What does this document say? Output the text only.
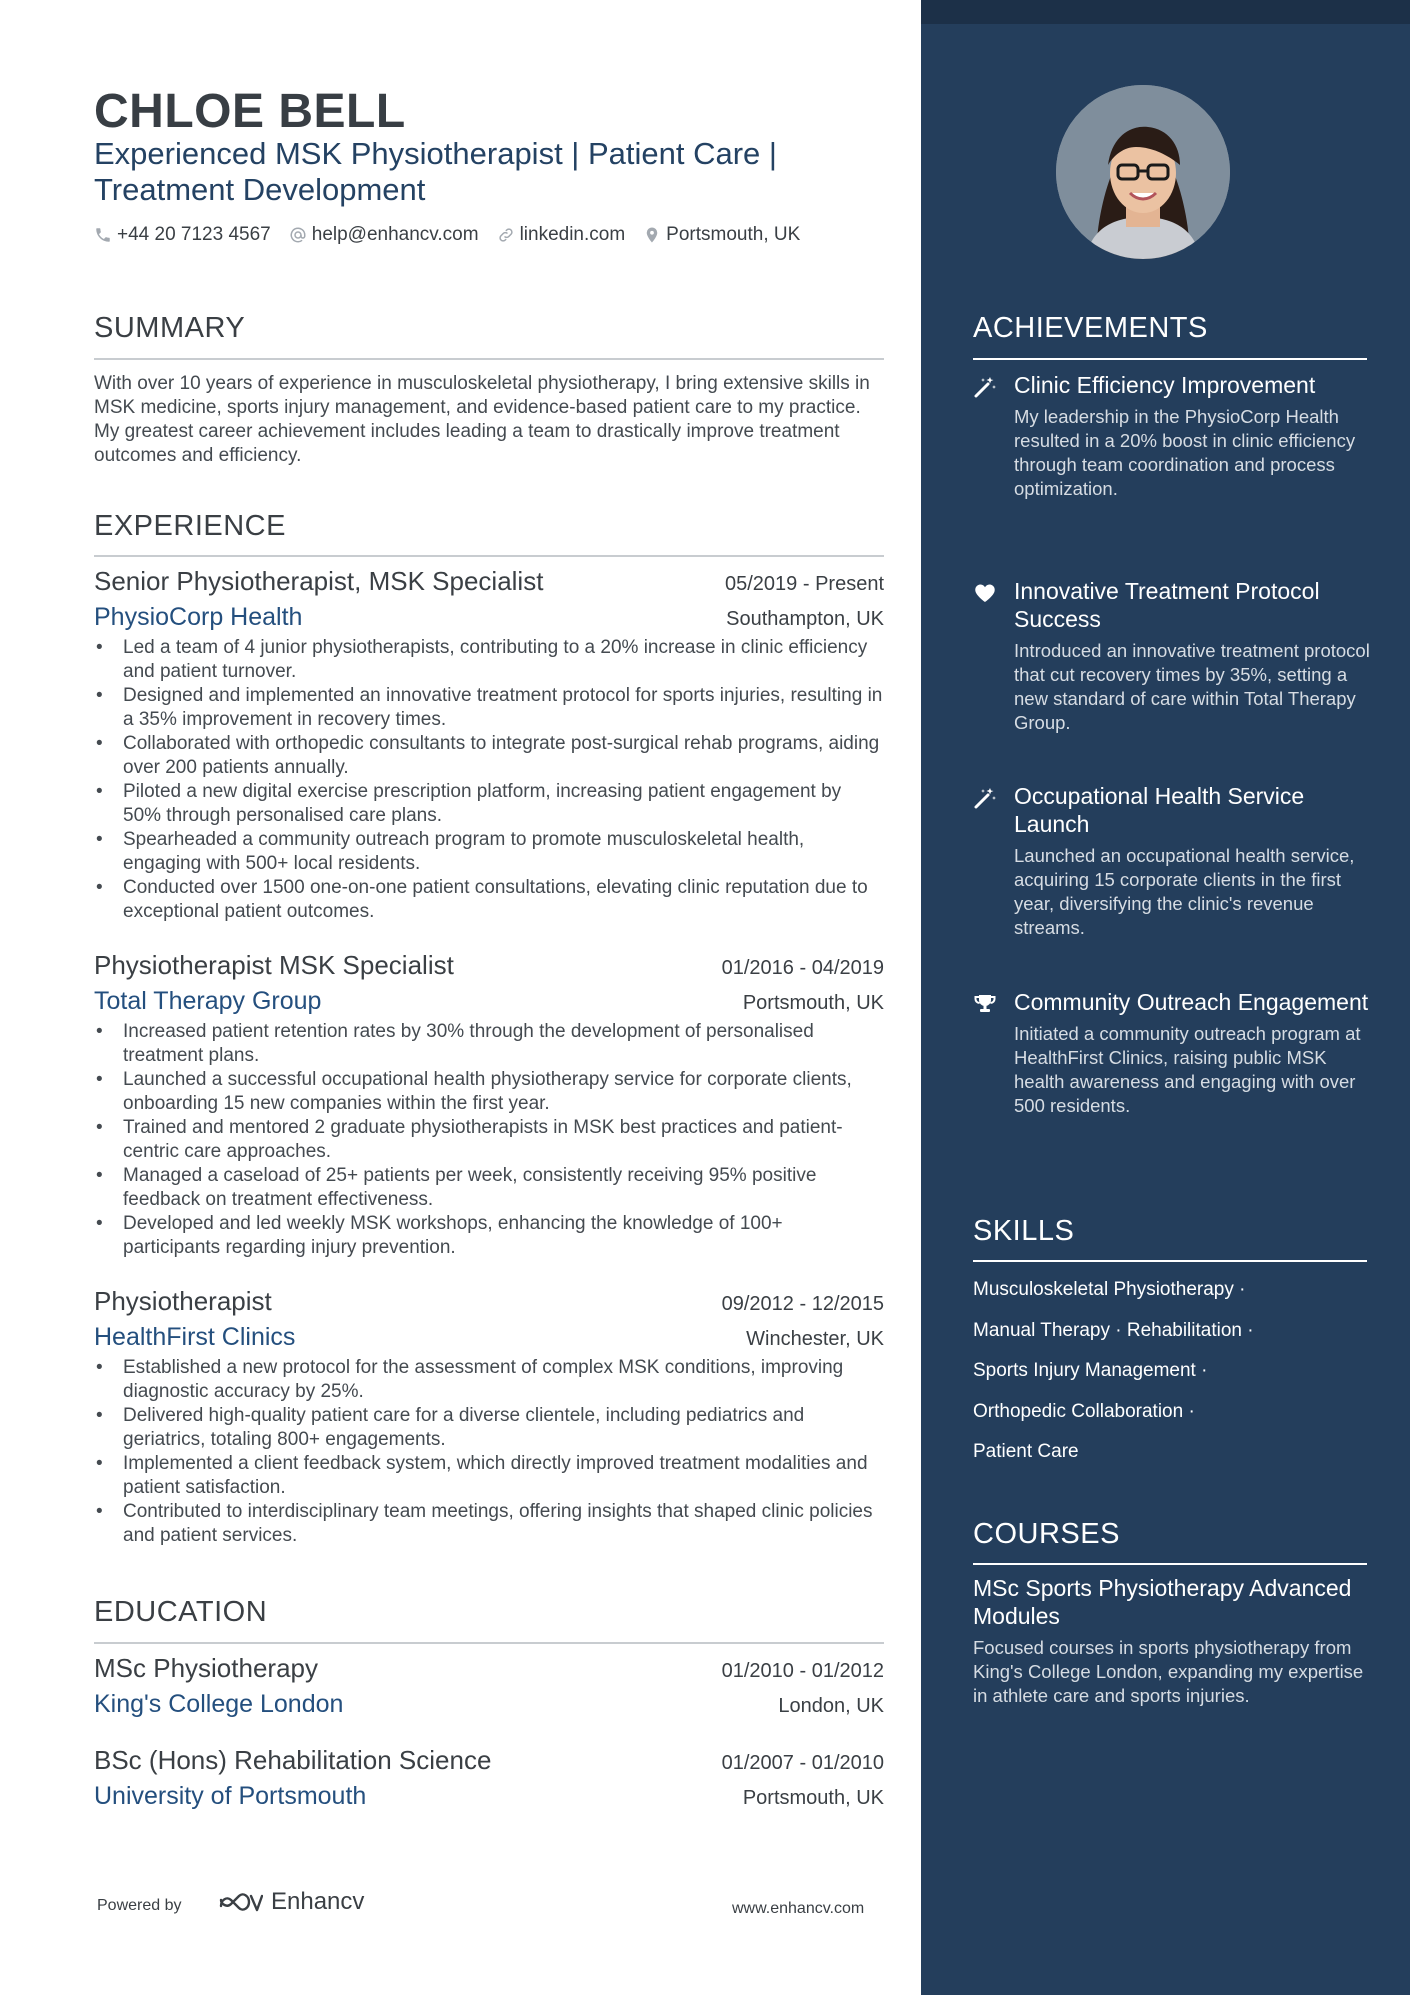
CHLOE BELL
Experienced MSK Physiotherapist | Patient Care | Treatment Development
+44 20 7123 4567 help@enhancv.com linkedin.com Portsmouth, UK
SUMMARY
With over 10 years of experience in musculoskeletal physiotherapy, I bring extensive skills in MSK medicine, sports injury management, and evidence-based patient care to my practice. My greatest career achievement includes leading a team to drastically improve treatment outcomes and efficiency.
EXPERIENCE
Senior Physiotherapist, MSK Specialist	05/2019 - Present
PhysioCorp Health	Southampton, UK
• Led a team of 4 junior physiotherapists, contributing to a 20% increase in clinic efficiency and patient turnover.
• Designed and implemented an innovative treatment protocol for sports injuries, resulting in a 35% improvement in recovery times.
• Collaborated with orthopedic consultants to integrate post-surgical rehab programs, aiding over 200 patients annually.
• Piloted a new digital exercise prescription platform, increasing patient engagement by 50% through personalised care plans.
• Spearheaded a community outreach program to promote musculoskeletal health, engaging with 500+ local residents.
• Conducted over 1500 one-on-one patient consultations, elevating clinic reputation due to exceptional patient outcomes.
Physiotherapist MSK Specialist	01/2016 - 04/2019
Total Therapy Group	Portsmouth, UK
• Increased patient retention rates by 30% through the development of personalised treatment plans.
• Launched a successful occupational health physiotherapy service for corporate clients, onboarding 15 new companies within the first year.
• Trained and mentored 2 graduate physiotherapists in MSK best practices and patient-centric care approaches.
• Managed a caseload of 25+ patients per week, consistently receiving 95% positive feedback on treatment effectiveness.
• Developed and led weekly MSK workshops, enhancing the knowledge of 100+ participants regarding injury prevention.
Physiotherapist	09/2012 - 12/2015
HealthFirst Clinics	Winchester, UK
• Established a new protocol for the assessment of complex MSK conditions, improving diagnostic accuracy by 25%.
• Delivered high-quality patient care for a diverse clientele, including pediatrics and geriatrics, totaling 800+ engagements.
• Implemented a client feedback system, which directly improved treatment modalities and patient satisfaction.
• Contributed to interdisciplinary team meetings, offering insights that shaped clinic policies and patient services.
EDUCATION
MSc Physiotherapy	01/2010 - 01/2012
King's College London	London, UK
BSc (Hons) Rehabilitation Science	01/2007 - 01/2010
University of Portsmouth	Portsmouth, UK
Powered by	Enhancv	www.enhancv.com
ACHIEVEMENTS
Clinic Efficiency Improvement
My leadership in the PhysioCorp Health resulted in a 20% boost in clinic efficiency through team coordination and process optimization.
Innovative Treatment Protocol Success
Introduced an innovative treatment protocol that cut recovery times by 35%, setting a new standard of care within Total Therapy Group.
Occupational Health Service Launch
Launched an occupational health service, acquiring 15 corporate clients in the first year, diversifying the clinic's revenue streams.
Community Outreach Engagement
Initiated a community outreach program at HealthFirst Clinics, raising public MSK health awareness and engaging with over 500 residents.
SKILLS
Musculoskeletal Physiotherapy ·
Manual Therapy · Rehabilitation ·
Sports Injury Management ·
Orthopedic Collaboration ·
Patient Care
COURSES
MSc Sports Physiotherapy Advanced Modules
Focused courses in sports physiotherapy from King's College London, expanding my expertise in athlete care and sports injuries.
